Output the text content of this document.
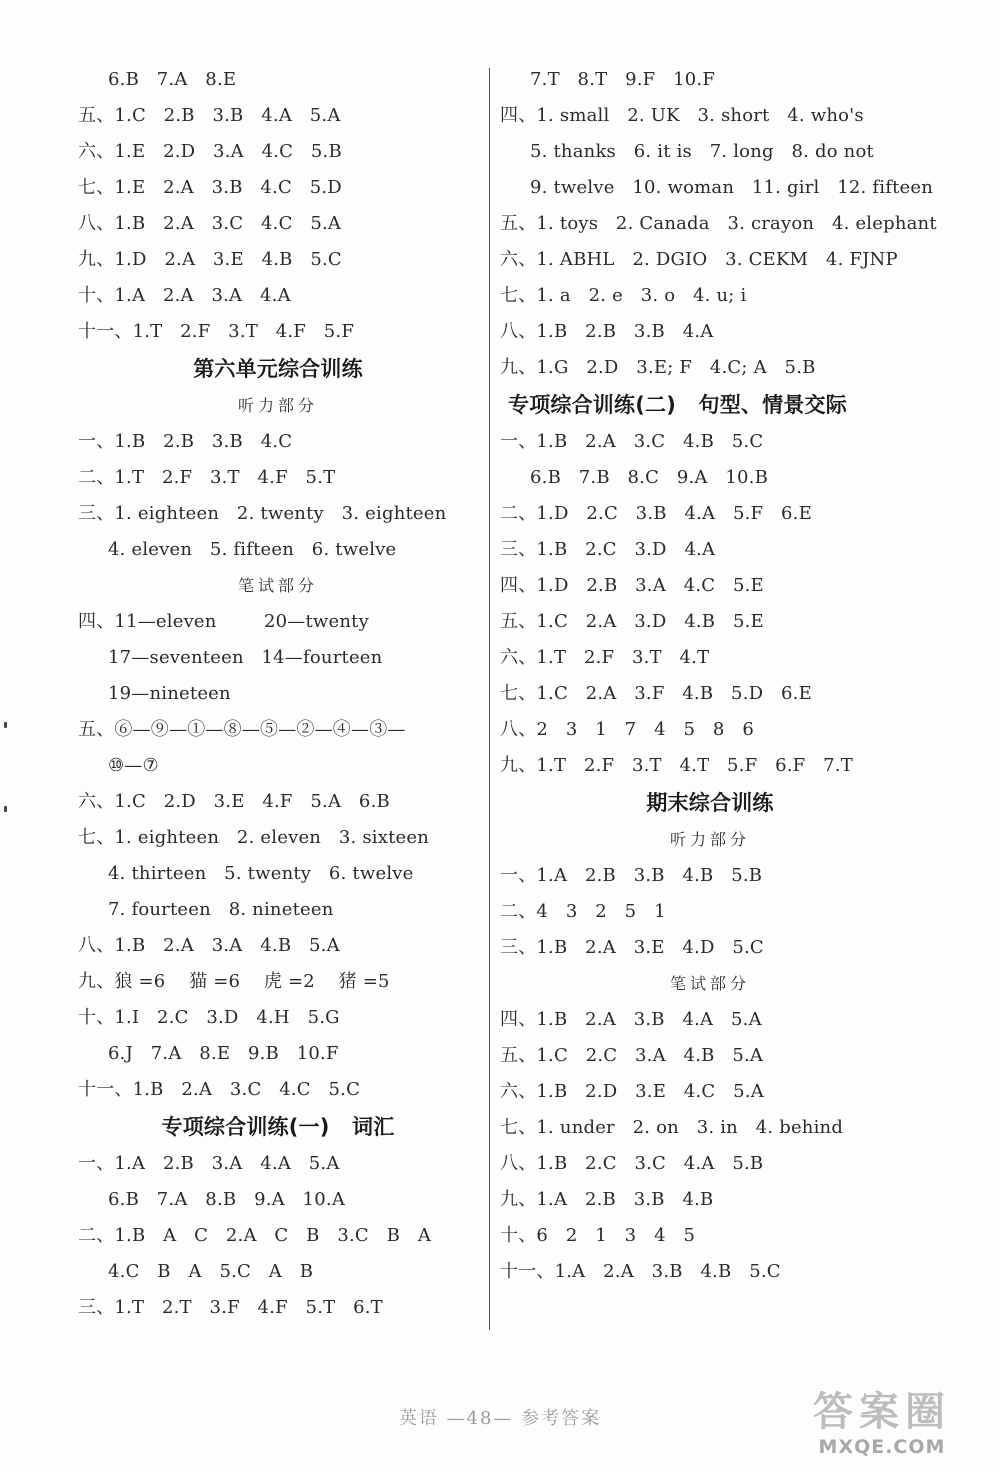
6.B   7.A   8.E
五、1.C   2.B   3.B   4.A   5.A
六、1.E   2.D   3.A   4.C   5.B
七、1.E   2.A   3.B   4.C   5.D
八、1.B   2.A   3.C   4.C   5.A
九、1.D   2.A   3.E   4.B   5.C
十、1.A   2.A   3.A   4.A
十一、1.T   2.F   3.T   4.F   5.F
第六单元综合训练
听力部分
一、1.B   2.B   3.B   4.C
二、1.T   2.F   3.T   4.F   5.T
三、1. eighteen   2. twenty   3. eighteen
4. eleven   5. fifteen   6. twelve
笔试部分
四、11—eleven        20—twenty
17—seventeen   14—fourteen
19—nineteen
五、⑥—⑨—①—⑧—⑤—②—④—③—
⑩—⑦
六、1.C   2.D   3.E   4.F   5.A   6.B
七、1. eighteen   2. eleven   3. sixteen
4. thirteen   5. twenty   6. twelve
7. fourteen   8. nineteen
八、1.B   2.A   3.A   4.B   5.A
九、狼 =6    猫 =6    虎 =2    猪 =5
十、1.I   2.C   3.D   4.H   5.G
6.J   7.A   8.E   9.B   10.F
十一、1.B   2.A   3.C   4.C   5.C
专项综合训练(一)   词汇
一、1.A   2.B   3.A   4.A   5.A
6.B   7.A   8.B   9.A   10.A
二、1.B   A   C   2.A   C   B   3.C   B   A
4.C   B   A   5.C   A   B
三、1.T   2.T   3.F   4.F   5.T   6.T
7.T   8.T   9.F   10.F
四、1. small   2. UK   3. short   4. who's
5. thanks   6. it is   7. long   8. do not
9. twelve   10. woman   11. girl   12. fifteen
五、1. toys   2. Canada   3. crayon   4. elephant
六、1. ABHL   2. DGIO   3. CEKM   4. FJNP
七、1. a   2. e   3. o   4. u; i
八、1.B   2.B   3.B   4.A
九、1.G   2.D   3.E; F   4.C; A   5.B
专项综合训练(二)   句型、情景交际
一、1.B   2.A   3.C   4.B   5.C
6.B   7.B   8.C   9.A   10.B
二、1.D   2.C   3.B   4.A   5.F   6.E
三、1.B   2.C   3.D   4.A
四、1.D   2.B   3.A   4.C   5.E
五、1.C   2.A   3.D   4.B   5.E
六、1.T   2.F   3.T   4.T
七、1.C   2.A   3.F   4.B   5.D   6.E
八、2   3   1   7   4   5   8   6
九、1.T   2.F   3.T   4.T   5.F   6.F   7.T
期末综合训练
听力部分
一、1.A   2.B   3.B   4.B   5.B
二、4   3   2   5   1
三、1.B   2.A   3.E   4.D   5.C
笔试部分
四、1.B   2.A   3.B   4.A   5.A
五、1.C   2.C   3.A   4.B   5.A
六、1.B   2.D   3.E   4.C   5.A
七、1. under   2. on   3. in   4. behind
八、1.B   2.C   3.C   4.A   5.B
九、1.A   2.B   3.B   4.B
十、6   2   1   3   4   5
十一、1.A   2.A   3.B   4.B   5.C
英语 —48— 参考答案	答案圈
MXQE.COM
